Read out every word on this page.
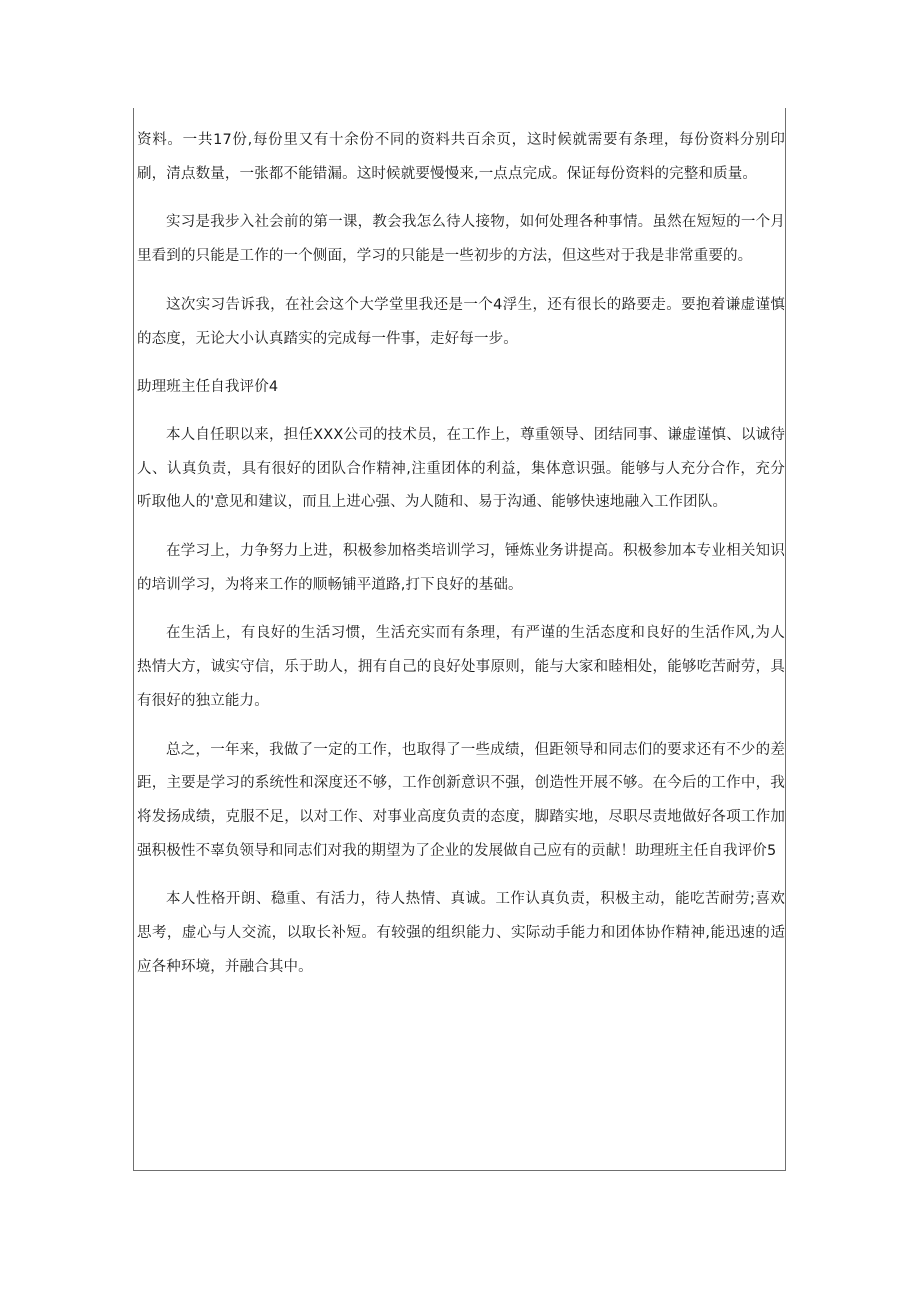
资料。一共17份,每份里又有十余份不同的资料共百余页，这时候就需要有条理，每份资料分别印刷，清点数量，一张都不能错漏。这时候就要慢慢来,一点点完成。保证每份资料的完整和质量。

实习是我步入社会前的第一课，教会我怎么待人接物，如何处理各种事情。虽然在短短的一个月里看到的只能是工作的一个侧面，学习的只能是一些初步的方法，但这些对于我是非常重要的。

这次实习告诉我，在社会这个大学堂里我还是一个4浮生，还有很长的路要走。要抱着谦虚谨慎的态度，无论大小认真踏实的完成每一件事，走好每一步。

助理班主任自我评价4

本人自任职以来，担任XXX公司的技术员，在工作上，尊重领导、团结同事、谦虚谨慎、以诚待人、认真负责，具有很好的团队合作精神,注重团体的利益，集体意识强。能够与人充分合作，充分听取他人的'意见和建议，而且上进心强、为人随和、易于沟通、能够快速地融入工作团队。

在学习上，力争努力上进，积极参加格类培训学习，锤炼业务讲提高。积极参加本专业相关知识的培训学习，为将来工作的顺畅铺平道路,打下良好的基础。

在生活上，有良好的生活习惯，生活充实而有条理，有严谨的生活态度和良好的生活作风,为人热情大方，诚实守信，乐于助人，拥有自己的良好处事原则，能与大家和睦相处，能够吃苦耐劳，具有很好的独立能力。

总之，一年来，我做了一定的工作，也取得了一些成绩，但距领导和同志们的要求还有不少的差距，主要是学习的系统性和深度还不够，工作创新意识不强，创造性开展不够。在今后的工作中，我将发扬成绩，克服不足，以对工作、对事业高度负责的态度，脚踏实地，尽职尽责地做好各项工作加强积极性不辜负领导和同志们对我的期望为了企业的发展做自己应有的贡献！助理班主任自我评价5

本人性格开朗、稳重、有活力，待人热情、真诚。工作认真负责，积极主动，能吃苦耐劳;喜欢思考，虚心与人交流，以取长补短。有较强的组织能力、实际动手能力和团体协作精神,能迅速的适应各种环境，并融合其中。
